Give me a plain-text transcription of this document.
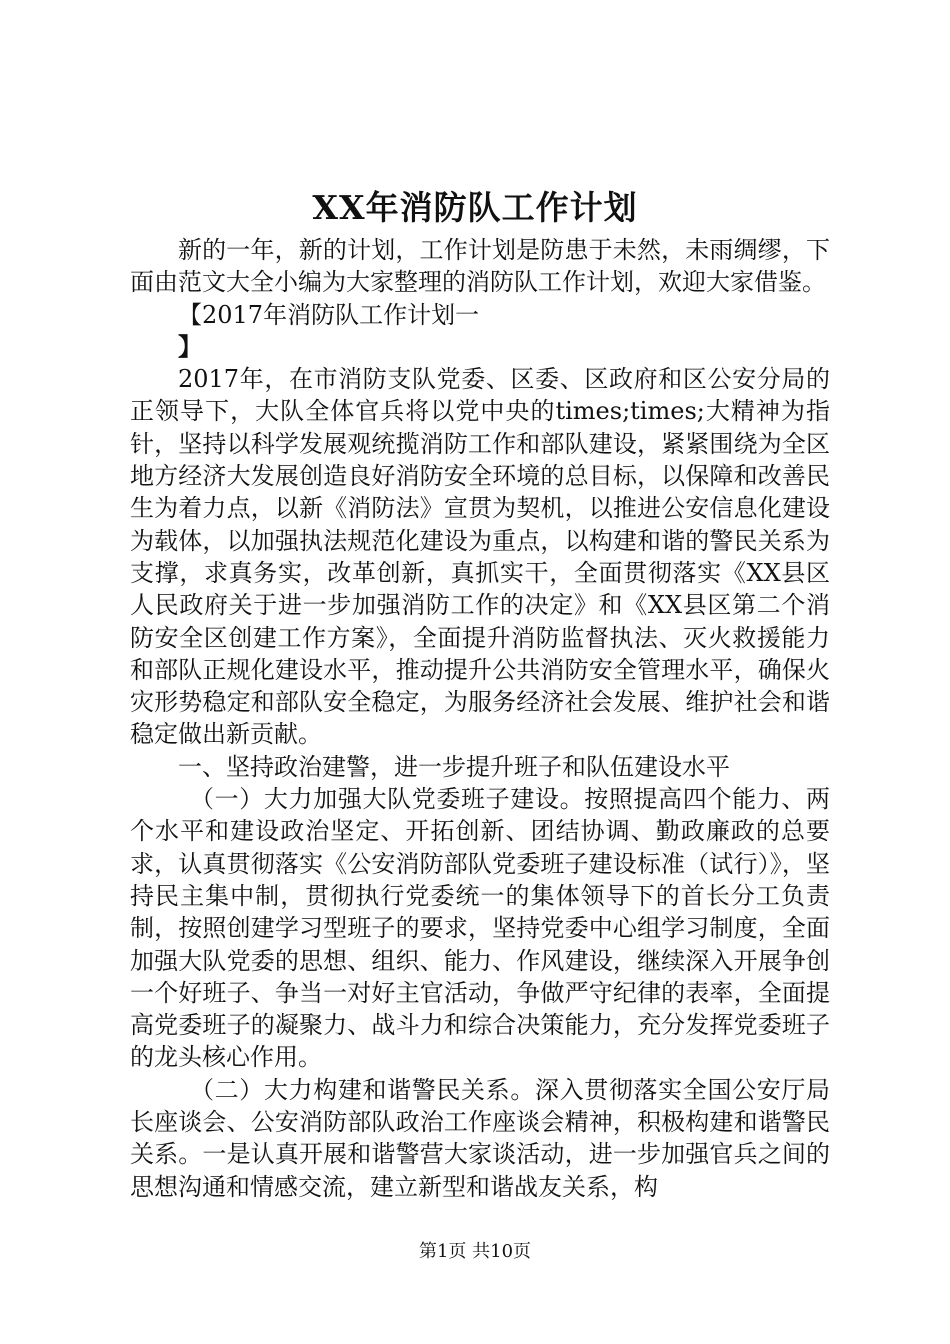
XX年消防队工作计划

新的一年，新的计划，工作计划是防患于未然，未雨绸缪，下面由范文大全小编为大家整理的消防队工作计划，欢迎大家借鉴。

【2017年消防队工作计划一

】

2017年，在市消防支队党委、区委、区政府和区公安分局的正领导下，大队全体官兵将以党中央的times;times;大精神为指针，坚持以科学发展观统揽消防工作和部队建设，紧紧围绕为全区地方经济大发展创造良好消防安全环境的总目标，以保障和改善民生为着力点，以新《消防法》宣贯为契机，以推进公安信息化建设为载体，以加强执法规范化建设为重点，以构建和谐的警民关系为支撑，求真务实，改革创新，真抓实干，全面贯彻落实《XX县区人民政府关于进一步加强消防工作的决定》和《XX县区第二个消防安全区创建工作方案》，全面提升消防监督执法、灭火救援能力和部队正规化建设水平，推动提升公共消防安全管理水平，确保火灾形势稳定和部队安全稳定，为服务经济社会发展、维护社会和谐稳定做出新贡献。

一、坚持政治建警，进一步提升班子和队伍建设水平

（一）大力加强大队党委班子建设。按照提高四个能力、两个水平和建设政治坚定、开拓创新、团结协调、勤政廉政的总要求，认真贯彻落实《公安消防部队党委班子建设标准（试行）》，坚持民主集中制，贯彻执行党委统一的集体领导下的首长分工负责制，按照创建学习型班子的要求，坚持党委中心组学习制度，全面加强大队党委的思想、组织、能力、作风建设，继续深入开展争创一个好班子、争当一对好主官活动，争做严守纪律的表率，全面提高党委班子的凝聚力、战斗力和综合决策能力，充分发挥党委班子的龙头核心作用。

（二）大力构建和谐警民关系。深入贯彻落实全国公安厅局长座谈会、公安消防部队政治工作座谈会精神，积极构建和谐警民关系。一是认真开展和谐警营大家谈活动，进一步加强官兵之间的思想沟通和情感交流，建立新型和谐战友关系，构

第1页 共10页
